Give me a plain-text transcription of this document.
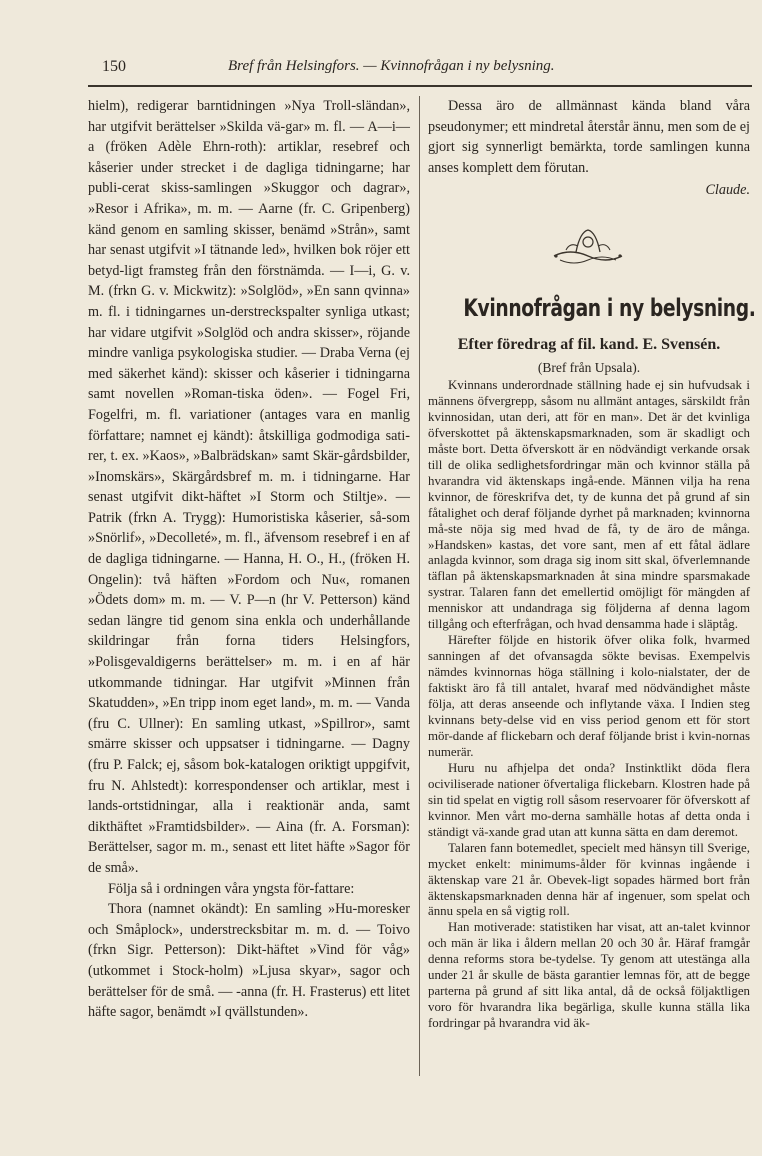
150	Bref från Helsingfors. — Kvinnofrågan i ny belysning.

hielm), redigerar barntidningen »Nya Troll-sländan», har utgifvit berättelser »Skilda vä-gar» m. fl. — A—i—a (fröken Adèle Ehrn-roth): artiklar, resebref och kåserier under strecket i de dagliga tidningarne; har publi-cerat skiss-samlingen »Skuggor och dagrar», »Resor i Afrika», m. m. — Aarne (fr. C. Gripenberg) känd genom en samling skisser, benämd »Strån», samt har senast utgifvit »I tätnande led», hvilken bok röjer ett betyd-ligt framsteg från den förstnämda. — I—i, G. v. M. (frkn G. v. Mickwitz): »Solglöd», »En sann qvinna» m. fl. i tidningarnes un-derstreckspalter synliga utkast; har vidare utgifvit »Solglöd och andra skisser», röjande mindre vanliga psykologiska studier. — Draba Verna (ej med säkerhet känd): skisser och kåserier i tidningarna samt novellen »Roman-tiska öden». — Fogel Fri, Fogelfri, m. fl. variationer (antages vara en manlig författare; namnet ej kändt): åtskilliga godmodiga sati-rer, t. ex. »Kaos», »Balbrädskan» samt Skär-gårdsbilder, »Inomskärs», Skärgårdsbref m. m. i tidningarne. Har senast utgifvit dikt-häftet »I Storm och Stiltje». — Patrik (frkn A. Trygg): Humoristiska kåserier, så-som »Snörlif», »Decolleté», m. fl., äfvensom resebref i en af de dagliga tidningarne. — Hanna, H. O., H., (fröken H. Ongelin): två häften »Fordom och Nu«, romanen »Ödets dom» m. m. — V. P—n (hr V. Petterson) känd sedan längre tid genom sina enkla och underhållande skildringar från forna tiders Helsingfors, »Polisgevaldigerns berättelser» m. m. i en af här utkommande tidningar. Har utgifvit »Minnen från Skatudden», »En tripp inom eget land», m. m. — Vanda (fru C. Ullner): En samling utkast, »Spillror», samt smärre skisser och uppsatser i tidningarne. — Dagny (fru P. Falck; ej, såsom bok-katalogen oriktigt uppgifvit, fru N. Ahlstedt): korrespondenser och artiklar, mest i lands-ortstidningar, alla i reaktionär anda, samt dikthäftet »Framtidsbilder». — Aina (fr. A. Forsman): Berättelser, sagor m. m., senast ett litet häfte »Sagor för de små».

Följa så i ordningen våra yngsta för-fattare:

Thora (namnet okändt): En samling »Hu-moresker och Småplock», understrecksbitar m. m. d. — Toivo (frkn Sigr. Petterson): Dikt-häftet »Vind för våg» (utkommet i Stock-holm) »Ljusa skyar», sagor och berättelser för de små. — -anna (fr. H. Frasterus) ett litet häfte sagor, benämdt »I qvällstunden».

Dessa äro de allmännast kända bland våra pseudonymer; ett mindretal återstår ännu, men som de ej gjort sig synnerligt bemärkta, torde samlingen kunna anses komplett dem förutan.

Claude.

Kvinnofrågan i ny belysning.
Efter föredrag af fil. kand. E. Svensén.
(Bref från Upsala).

Kvinnans underordnade ställning hade ej sin hufvudsak i männens öfvergrepp, såsom nu allmänt antages, särskildt från kvinnosidan, utan deri, att för en man». Det är det kvinliga öfverskottet på äktenskapsmarknaden, som är skadligt och måste bort. Detta öfverskott är en nödvändigt verkande orsak till de olika sedlighetsfordringar män och kvinnor ställa på hvarandra vid äktenskaps ingå-ende. Männen vilja ha rena kvinnor, de föreskrifva det, ty de kunna det på grund af sin fåtalighet och deraf följande dyrhet på marknaden; kvinnorna må-ste nöja sig med hvad de få, ty de äro de många. »Handsken» kastas, det vore sant, men af ett fåtal ädlare anlagda kvinnor, som draga sig inom sitt skal, öfverlemnande täflan på äktenskapsmarknaden åt sina mindre sparsmakade systrar. Talaren fann det emellertid omöjligt för mängden af menniskor att undandraga sig följderna af denna lagom tillgång och efterfrågan, och hvad densamma hade i släptåg.

Härefter följde en historik öfver olika folk, hvarmed sanningen af det ofvansagda sökte bevisas. Exempelvis nämdes kvinnornas höga ställning i kolo-nialstater, der de faktiskt äro få till antalet, hvaraf med nödvändighet måste följa, att deras anseende och inflytande växa. I Indien steg kvinnans bety-delse vid en viss period genom ett för stort mör-dande af flickebarn och deraf följande brist i kvin-nornas numerär.

Huru nu afhjelpa det onda? Instinktlikt döda flera ociviliserade nationer öfvertaliga flickebarn. Klostren hade på sin tid spelat en vigtig roll såsom reservoarer för öfverskott af kvinnor. Men vårt mo-derna samhälle hotas af detta onda i ständigt vä-xande grad utan att kunna sätta en dam deremot.

Talaren fann botemedlet, specielt med hänsyn till Sverige, mycket enkelt: minimums-ålder för kvinnas ingående i äktenskap vare 21 år. Obevek-ligt sopades härmed bort från äktenskapsmarknaden denna här af ingenuer, som spelat och ännu spela en så vigtig roll.

Han motiverade: statistiken har visat, att an-talet kvinnor och män är lika i åldern mellan 20 och 30 år. Häraf framgår denna reforms stora be-tydelse. Ty genom att utestänga alla under 21 år skulle de bästa garantier lemnas för, att de begge parterna på grund af sitt lika antal, då de också följaktligen voro för hvarandra lika begärliga, skulle kunna ställa lika fordringar på hvarandra vid äk-
